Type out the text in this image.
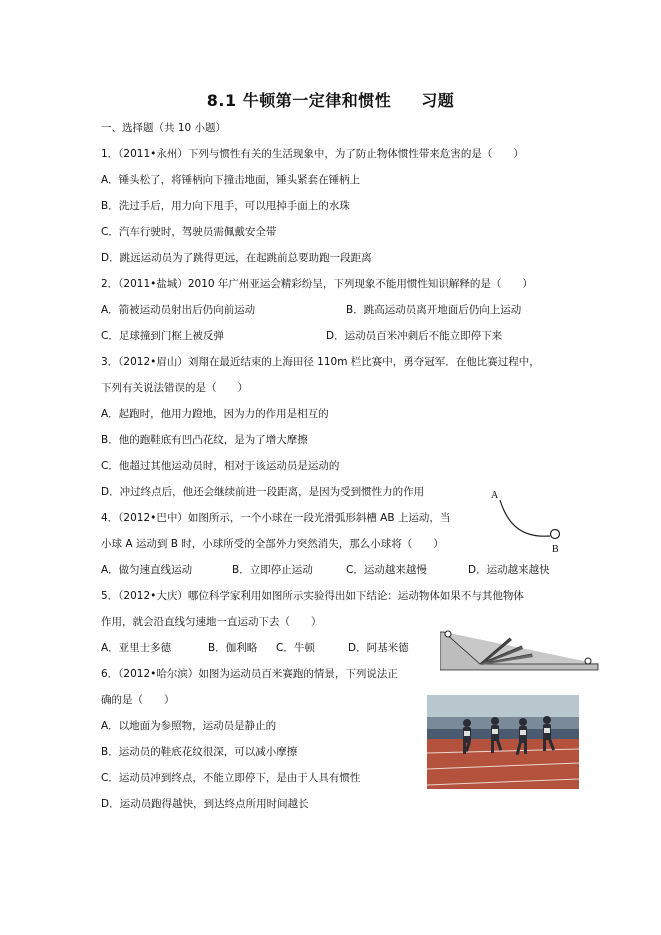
8.1 牛顿第一定律和惯性 习题
一、选择题（共 10 小题）
1．（2011•永州）下列与惯性有关的生活现象中，为了防止物体惯性带来危害的是（　　）
A．锤头松了，将锤柄向下撞击地面，锤头紧套在锤柄上
B．洗过手后，用力向下甩手，可以甩掉手面上的水珠
C．汽车行驶时，驾驶员需佩戴安全带
D．跳远运动员为了跳得更远，在起跳前总要助跑一段距离
2．（2011•盐城）2010 年广州亚运会精彩纷呈，下列现象不能用惯性知识解释的是（　　）
A．箭被运动员射出后仍向前运动	B．跳高运动员离开地面后仍向上运动
C．足球撞到门框上被反弹	D．运动员百米冲刺后不能立即停下来
3．（2012•眉山）刘翔在最近结束的上海田径 110m 栏比赛中，勇夺冠军．在他比赛过程中，
下列有关说法错误的是（　　）
A．起跑时，他用力蹬地，因为力的作用是相互的
B．他的跑鞋底有凹凸花纹，是为了增大摩擦
C．他超过其他运动员时，相对于该运动员是运动的
D．冲过终点后，他还会继续前进一段距离，是因为受到惯性力的作用
4．（2012•巴中）如图所示，一个小球在一段光滑弧形斜槽 AB 上运动，当
小球 A 运动到 B 时，小球所受的全部外力突然消失，那么小球将（　　）
A．做匀速直线运动	B．立即停止运动	C．运动越来越慢	D．运动越来越快
A
B
5．（2012•大庆）哪位科学家利用如图所示实验得出如下结论：运动物体如果不与其他物体
作用，就会沿直线匀速地一直运动下去（　　）
A．亚里士多德	B．伽利略 C．牛顿	D．阿基米德
6．（2012•哈尔滨）如图为运动员百米赛跑的情景，下列说法正
确的是（　　）
A．以地面为参照物，运动员是静止的
B．运动员的鞋底花纹很深，可以减小摩擦
C．运动员冲到终点，不能立即停下，是由于人具有惯性
D．运动员跑得越快，到达终点所用时间越长
